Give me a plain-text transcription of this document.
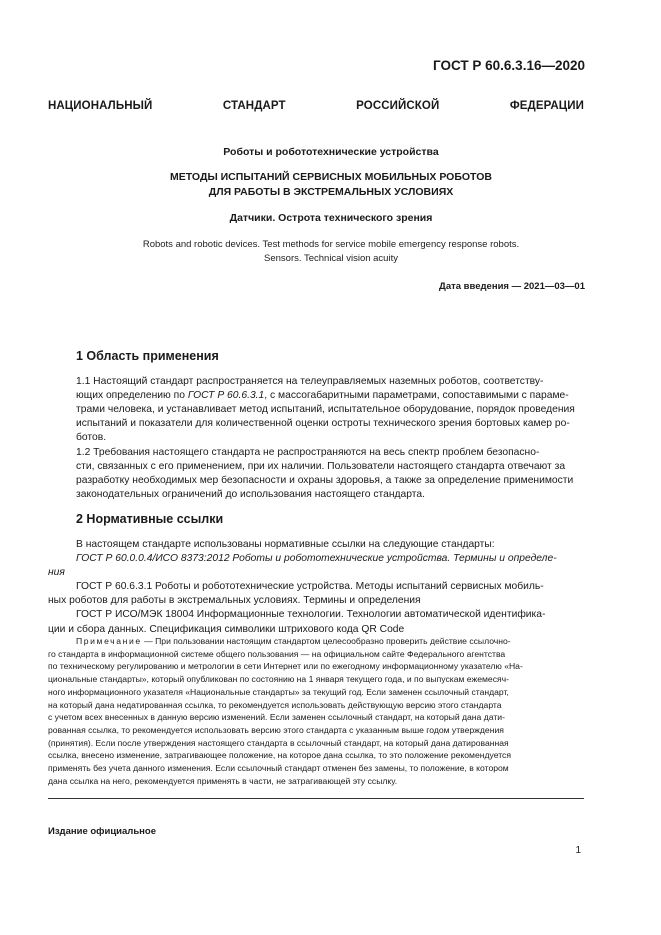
ГОСТ Р 60.6.3.16—2020
НАЦИОНАЛЬНЫЙ СТАНДАРТ РОССИЙСКОЙ ФЕДЕРАЦИИ
Роботы и робототехнические устройства
МЕТОДЫ ИСПЫТАНИЙ СЕРВИСНЫХ МОБИЛЬНЫХ РОБОТОВ
ДЛЯ РАБОТЫ В ЭКСТРЕМАЛЬНЫХ УСЛОВИЯХ
Датчики. Острота технического зрения
Robots and robotic devices. Test methods for service mobile emergency response robots.
Sensors. Technical vision acuity
Дата введения — 2021—03—01
1 Область применения
1.1 Настоящий стандарт распространяется на телеуправляемых наземных роботов, соответству-
ющих определению по ГОСТ Р 60.6.3.1, с массогабаритными параметрами, сопоставимыми с параме-
трами человека, и устанавливает метод испытаний, испытательное оборудование, порядок проведения
испытаний и показатели для количественной оценки остроты технического зрения бортовых камер ро-
ботов.
1.2 Требования настоящего стандарта не распространяются на весь спектр проблем безопасно-
сти, связанных с его применением, при их наличии. Пользователи настоящего стандарта отвечают за
разработку необходимых мер безопасности и охраны здоровья, а также за определение применимости
законодательных ограничений до использования настоящего стандарта.
2 Нормативные ссылки
В настоящем стандарте использованы нормативные ссылки на следующие стандарты:
ГОСТ Р 60.0.0.4/ИСО 8373:2012 Роботы и робототехнические устройства. Термины и определе-
ния
ГОСТ Р 60.6.3.1 Роботы и робототехнические устройства. Методы испытаний сервисных мобиль-
ных роботов для работы в экстремальных условиях. Термины и определения
ГОСТ Р ИСО/МЭК 18004 Информационные технологии. Технологии автоматической идентифика-
ции и сбора данных. Спецификация символики штрихового кода QR Code
Примечание — При пользовании настоящим стандартом целесообразно проверить действие ссылочно-
го стандарта в информационной системе общего пользования — на официальном сайте Федерального агентства
по техническому регулированию и метрологии в сети Интернет или по ежегодному информационному указателю «На-
циональные стандарты», который опубликован по состоянию на 1 января текущего года, и по выпускам ежемесяч-
ного информационного указателя «Национальные стандарты» за текущий год. Если заменен ссылочный стандарт,
на который дана недатированная ссылка, то рекомендуется использовать действующую версию этого стандарта
с учетом всех внесенных в данную версию изменений. Если заменен ссылочный стандарт, на который дана дати-
рованная ссылка, то рекомендуется использовать версию этого стандарта с указанным выше годом утверждения
(принятия). Если после утверждения настоящего стандарта в ссылочный стандарт, на который дана датированная
ссылка, внесено изменение, затрагивающее положение, на которое дана ссылка, то это положение рекомендуется
применять без учета данного изменения. Если ссылочный стандарт отменен без замены, то положение, в котором
дана ссылка на него, рекомендуется применять в части, не затрагивающей эту ссылку.
Издание официальное
1
